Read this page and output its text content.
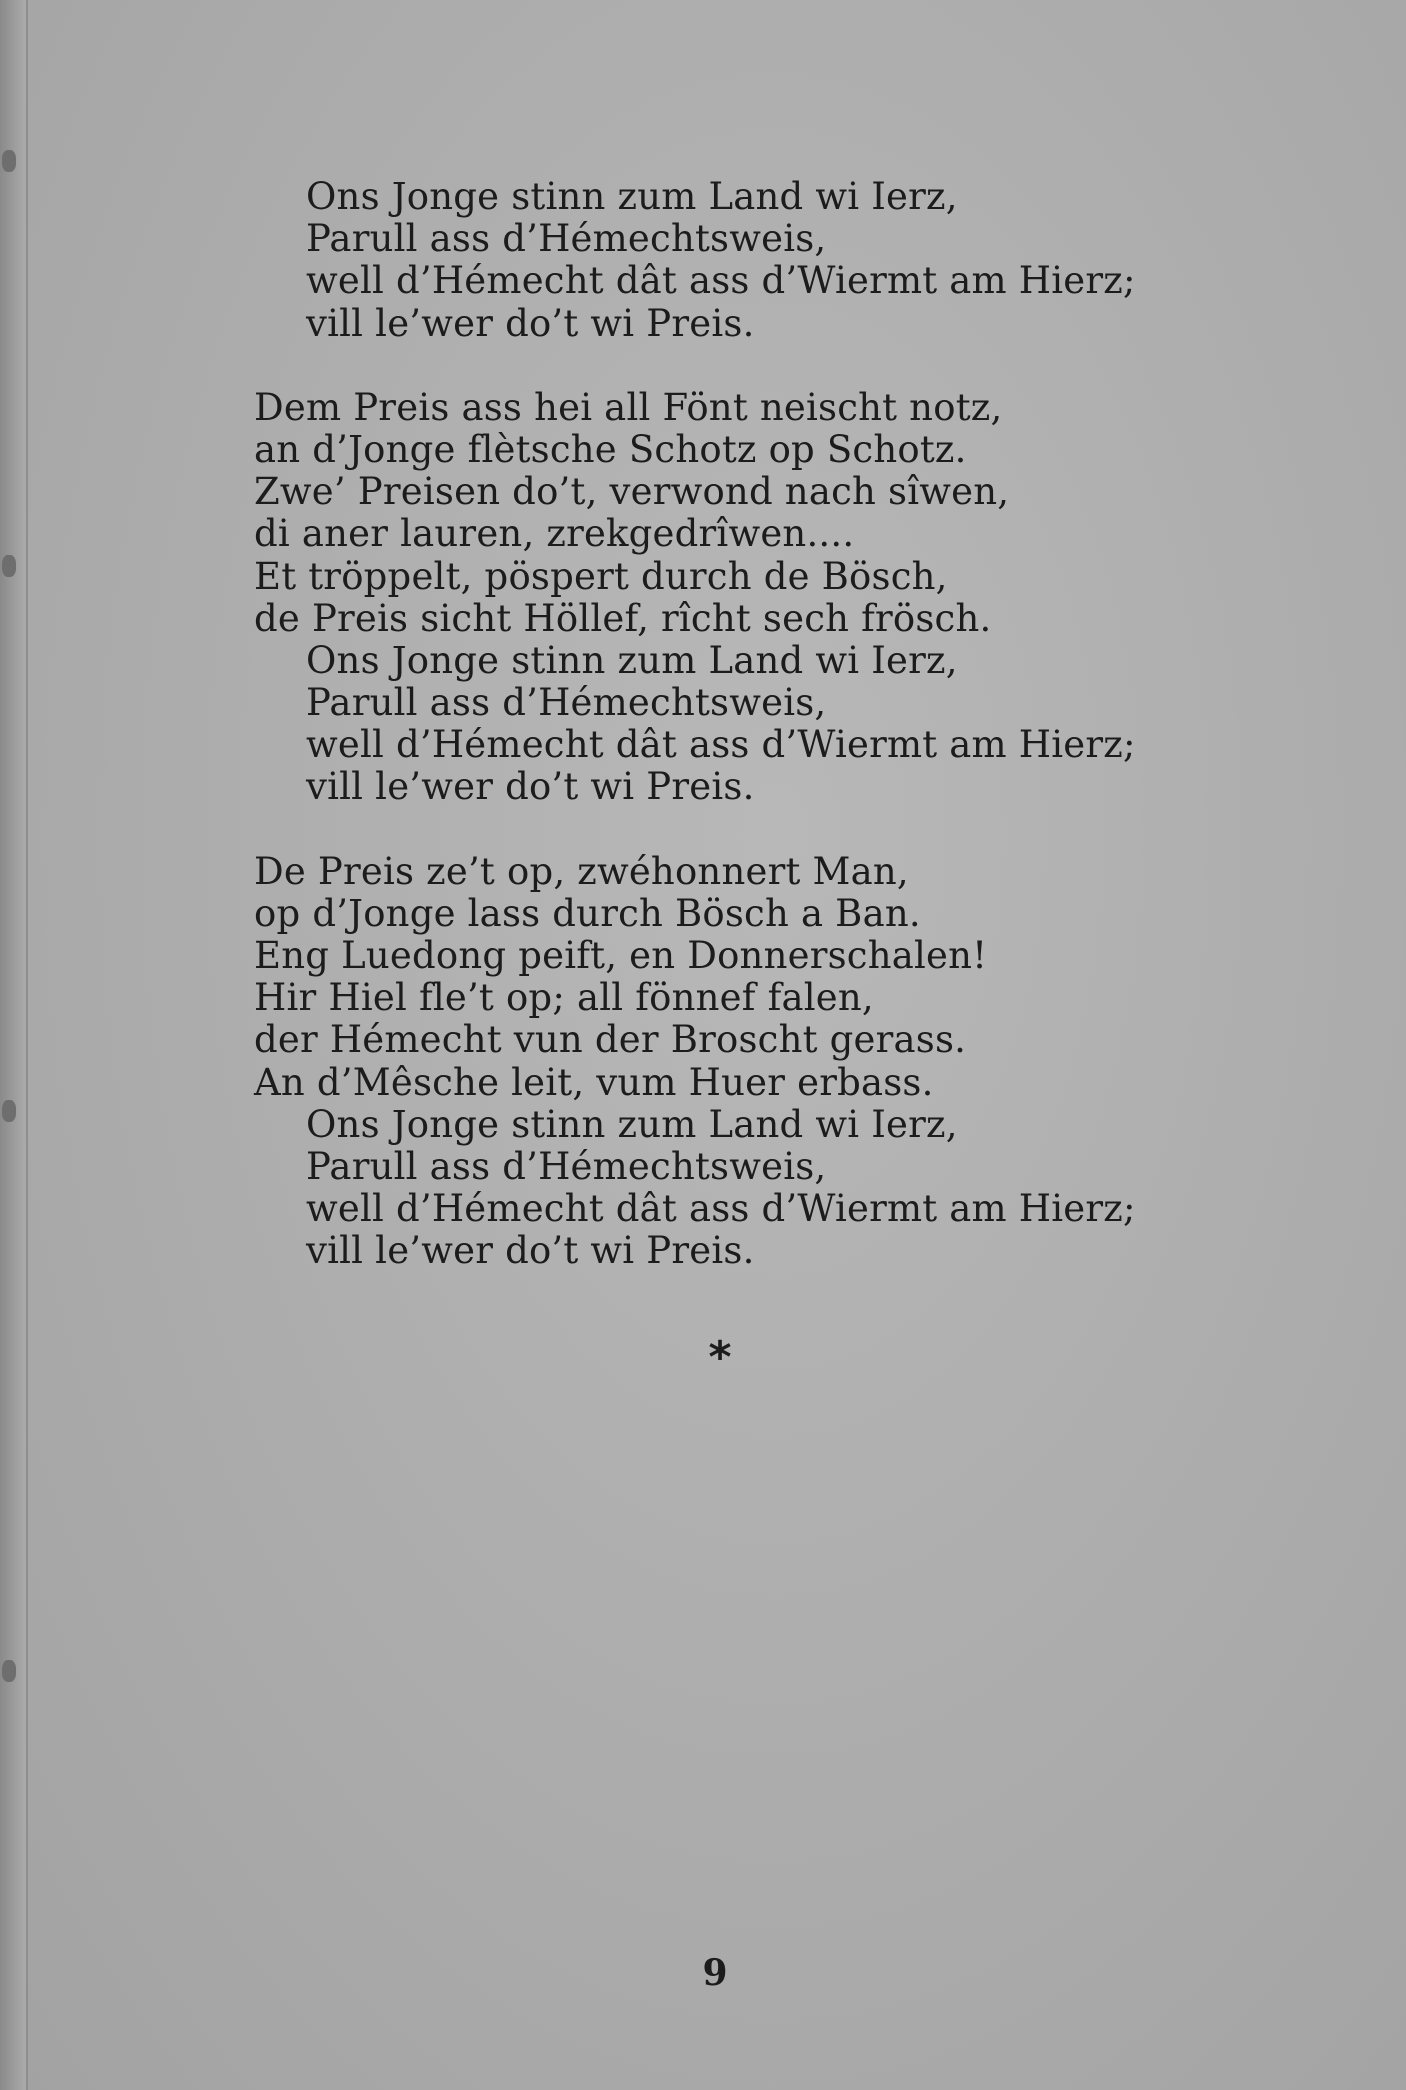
Ons Jonge stinn zum Land wi Ierz,
Parull ass d’Hémechtsweis,
well d’Hémecht dât ass d’Wiermt am Hierz;
vill le’wer do’t wi Preis.
Dem Preis ass hei all Fönt neischt notz,
an d’Jonge flètsche Schotz op Schotz.
Zwe’ Preisen do’t, verwond nach sîwen,
di aner lauren, zrekgedrîwen....
Et tröppelt, pöspert durch de Bösch,
de Preis sicht Höllef, rîcht sech frösch.
Ons Jonge stinn zum Land wi Ierz,
Parull ass d’Hémechtsweis,
well d’Hémecht dât ass d’Wiermt am Hierz;
vill le’wer do’t wi Preis.
De Preis ze’t op, zwéhonnert Man,
op d’Jonge lass durch Bösch a Ban.
Eng Luedong peift, en Donnerschalen!
Hir Hiel fle’t op; all fönnef falen,
der Hémecht vun der Broscht gerass.
An d’Mêsche leit, vum Huer erbass.
Ons Jonge stinn zum Land wi Ierz,
Parull ass d’Hémechtsweis,
well d’Hémecht dât ass d’Wiermt am Hierz;
vill le’wer do’t wi Preis.
*
9
